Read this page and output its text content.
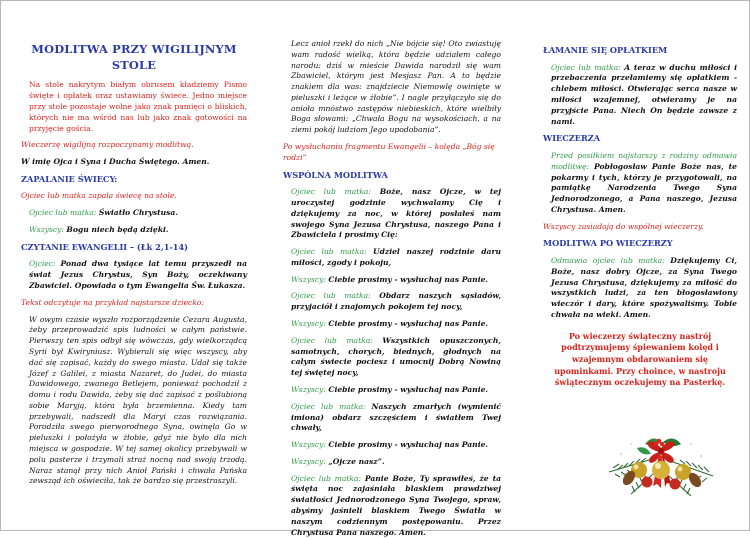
MODLITWA PRZY WIGILIJNYM STOLE

Na stole nakrytym białym obrusem kładziemy Pismo święte i opłatek oraz ustawiamy świece. Jedno miejsce przy stole pozostaje wolne jako znak pamięci o bliskich, których nie ma wśród nas lub jako znak gotowości na przyjęcie gościa.

Wieczerzę wigilijną rozpoczynamy modlitwą.

W imię Ojca i Syna i Ducha Świętego. Amen.

ZAPALANIE ŚWIECY:

Ojciec lub matka zapala świecę na stole.

Ojciec lub matka: Światło Chrystusa.

Wszyscy: Bogu niech będą dzięki.

CZYTANIE EWANGELII – (Łk 2,1-14)

Ojciec: Ponad dwa tysiące lat temu przyszedł na świat Jezus Chrystus, Syn Boży, oczekiwany Zbawiciel. Opowiada o tym Ewangelia Św. Łukasza.

Tekst odczytuje na przykład najstarsze dziecko:

W owym czasie wyszło rozporządzenie Cezara Augusta, żeby przeprowadzić spis ludności w całym państwie. Pierwszy ten spis odbył się wówczas, gdy wielkorządcą Syrii był Kwiryniusz. Wybierali się więc wszyscy, aby dać się zapisać, każdy do swego miasta. Udał się także Józef z Galilei, z miasta Nazaret, do Judei, do miasta Dawidowego, zwanego Betlejem, ponieważ pochodził z domu i rodu Dawida, żeby się dać zapisać z poślubioną sobie Maryją, która była brzemienna. Kiedy tam przebywali, nadszedł dla Maryi czas rozwiązania. Porodziła swego pierworodnego Syna, owinęła Go w pieluszki i położyła w żłobie, gdyż nie było dla nich miejsca w gospodzie. W tej samej okolicy przebywali w polu pasterze i trzymali straż nocną nad swoją trzodą. Naraz stanął przy nich Anioł Pański i chwała Pańska zewsząd ich oświeciła, tak że bardzo się przestraszyli.

Lecz anioł rzekł do nich „Nie bójcie się! Oto zwiastuję wam radość wielką, która będzie udziałem całego narodu: dziś w mieście Dawida narodził się wam Zbawiciel, którym jest Mesjasz Pan. A to będzie znakiem dla was: znajdziecie Niemowlę owinięte w pieluszki i leżące w żłobie”. I nagle przyłączyło się do anioła mnóstwo zastępów niebieskich, które wielbiły Boga słowami: „Chwała Bogu na wysokościach, a na ziemi pokój ludziom Jego upodobania”.

Po wysłuchaniu fragmentu Ewangelii – kolęda „Bóg się rodzi”

WSPÓLNA MODLITWA

Ojciec lub matka: Boże, nasz Ojcze, w tej uroczystej godzinie wychwalamy Cię i dziękujemy za noc, w której posłałeś nam swojego Syna Jezusa Chrystusa, naszego Pana i Zbawiciela i prosimy Cię:

Ojciec lub matka: Udziel naszej rodzinie daru miłości, zgody i pokoju,

Wszyscy: Ciebie prosimy - wysłuchaj nas Panie.

Ojciec lub matka: Obdarz naszych sąsiadów, przyjaciół i znajomych pokojem tej nocy,

Wszyscy: Ciebie prosimy - wysłuchaj nas Panie.

Ojciec lub matka: Wszystkich opuszczonych, samotnych, chorych, biednych, głodnych na całym świecie pociesz i umocnij Dobrą Nowiną tej świętej nocy,

Wszyscy: Ciebie prosimy - wysłuchaj nas Panie.

Ojciec lub matka: Naszych zmarłych (wymienić imiona) obdarz szczęściem i światłem Twej chwały,

Wszyscy: Ciebie prosimy - wysłuchaj nas Panie.

Wszyscy: „Ojcze nasz”.

Ojciec lub matka: Panie Boże, Ty sprawiłeś, że ta święta noc zajaśniała blaskiem prawdziwej światłości Jednorodzonego Syna Twojego, spraw, abyśmy jaśnieli blaskiem Twego Światła w naszym codziennym postępowaniu. Przez Chrystusa Pana naszego. Amen.

ŁAMANIE SIĘ OPŁATKIEM

Ojciec lub matka: A teraz w duchu miłości i przebaczenia przełamiemy się opłatkiem - chlebem miłości. Otwierając serca nasze w miłości wzajemnej, otwieramy je na przyjście Pana. Niech On będzie zawsze z nami.

WIECZERZA

Przed posiłkiem najstarszy z rodziny odmawia modlitwę: Pobłogosław Panie Boże nas, te pokarmy i tych, którzy je przygotowali, na pamiątkę Narodzenia Twego Syna Jednorodzonego, a Pana naszego, Jezusa Chrystusa. Amen.

Wszyscy zasiadają do wspólnej wieczerzy.

MODLITWA PO WIECZERZY

Odmawia ojciec lub matka: Dziękujemy Ci, Boże, nasz dobry Ojcze, za Syna Twego Jezusa Chrystusa, dziękujemy za miłość do wszystkich ludzi, za ten błogosławiony wieczór i dary, które spożywaliśmy. Tobie chwała na wieki. Amen.

Po wieczerzy świąteczny nastrój podtrzymujemy śpiewaniem kolęd i wzajemnym obdarowaniem się upominkami. Przy choince, w nastroju świątecznym oczekujemy na Pasterkę.
